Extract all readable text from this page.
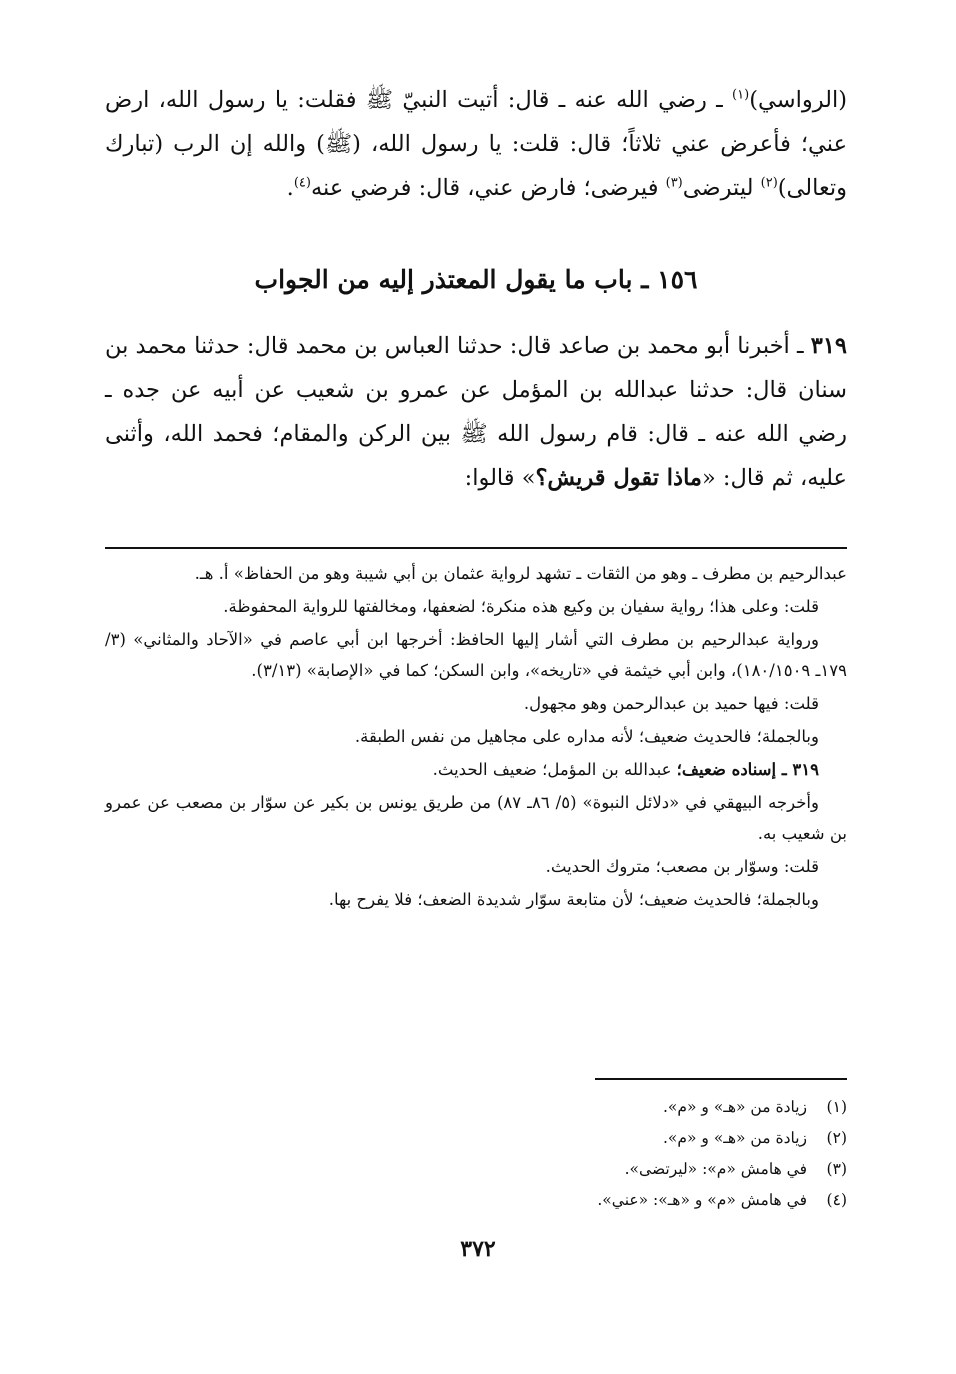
(الرواسي)$^{(١)}$ ـ رضي الله عنه ـ قال: أتيت النبيّ ﷺ فقلت: يا رسول الله، ارض عني؛ فأعرض عني ثلاثاً؛ قال: قلت: يا رسول الله، (ﷺ) والله إن الرب (تبارك وتعالى)$^{(٢)}$ ليترضى$^{(٣)}$ فيرضى؛ فارض عني، قال: فرضي عنه$^{(٤)}$.

١٥٦ ـ باب ما يقول المعتذر إليه من الجواب

٣١٩ ـ أخبرنا أبو محمد بن صاعد قال: حدثنا العباس بن محمد قال: حدثنا محمد بن سنان قال: حدثنا عبدالله بن المؤمل عن عمرو بن شعيب عن أبيه عن جده ـ رضي الله عنه ـ قال: قام رسول الله ﷺ بين الركن والمقام؛ فحمد الله، وأثنى عليه، ثم قال: «ماذا تقول قريش؟» قالوا:

عبدالرحيم بن مطرف ـ وهو من الثقات ـ تشهد لرواية عثمان بن أبي شيبة وهو من الحفاظ» أ. هـ.

قلت: وعلى هذا؛ رواية سفيان بن وكيع هذه منكرة؛ لضعفها، ومخالفتها للرواية المحفوظة.

ورواية عبدالرحيم بن مطرف التي أشار إليها الحافظ: أخرجها ابن أبي عاصم في «الآحاد والمثاني» (٣/ ١٧٩ـ ١٨٠/١٥٠٩)، وابن أبي خيثمة في «تاريخه»، وابن السكن؛ كما في «الإصابة» (٣/١٣).

قلت: فيها حميد بن عبدالرحمن وهو مجهول.

وبالجملة؛ فالحديث ضعيف؛ لأنه مداره على مجاهيل من نفس الطبقة.

٣١٩ ـ إسناده ضعيف؛ عبدالله بن المؤمل؛ ضعيف الحديث.

وأخرجه البيهقي في «دلائل النبوة» (٥/ ٨٦ـ ٨٧) من طريق يونس بن بكير عن سوّار بن مصعب عن عمرو بن شعيب به.

قلت: وسوّار بن مصعب؛ متروك الحديث.

وبالجملة؛ فالحديث ضعيف؛ لأن متابعة سوّار شديدة الضعف؛ فلا يفرح بها.

(١)
زيادة من «هـ» و «م».
(٢)
زيادة من «هـ» و «م».
(٣)
في هامش «م»: «ليرتضى».
(٤)
في هامش «م» و «هـ»: «عني».
٣٧٢
